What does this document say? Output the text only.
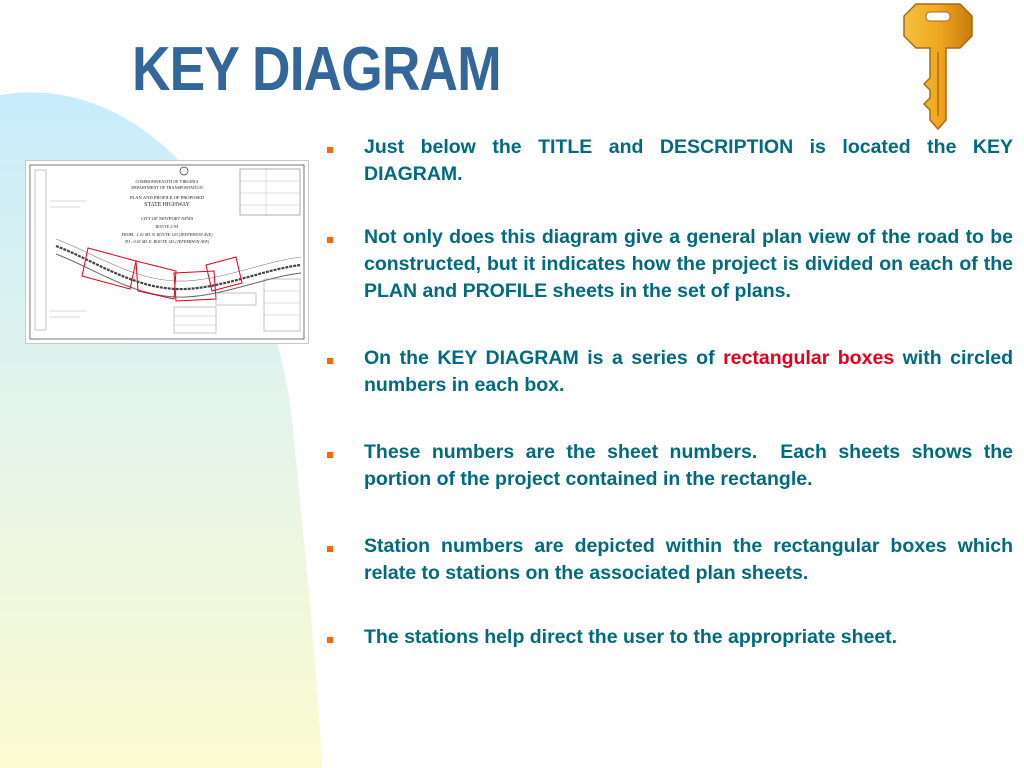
KEY DIAGRAM
COMMONWEALTH OF VIRGINIA
DEPARTMENT OF TRANSPORTATION
PLAN AND PROFILE OF PROPOSED
STATE HIGHWAY
CITY OF NEWPORT NEWS
ROUTE 2-9A
FROM : 1.01 MI. N. ROUTE 143 (JEFFERSON AVE)
TO : 0.01 MI. E. ROUTE 143 (JEFFERSON AVE)
Just below the TITLE and DESCRIPTION is located the KEY DIAGRAM.
Not only does this diagram give a general plan view of the road to be constructed, but it indicates how the project is divided on each of the PLAN and PROFILE sheets in the set of plans.
On the KEY DIAGRAM is a series of rectangular boxes with circled numbers in each box.
These numbers are the sheet numbers.  Each sheets shows the portion of the project contained in the rectangle.
Station numbers are depicted within the rectangular boxes which relate to stations on the associated plan sheets.
The stations help direct the user to the appropriate sheet.
